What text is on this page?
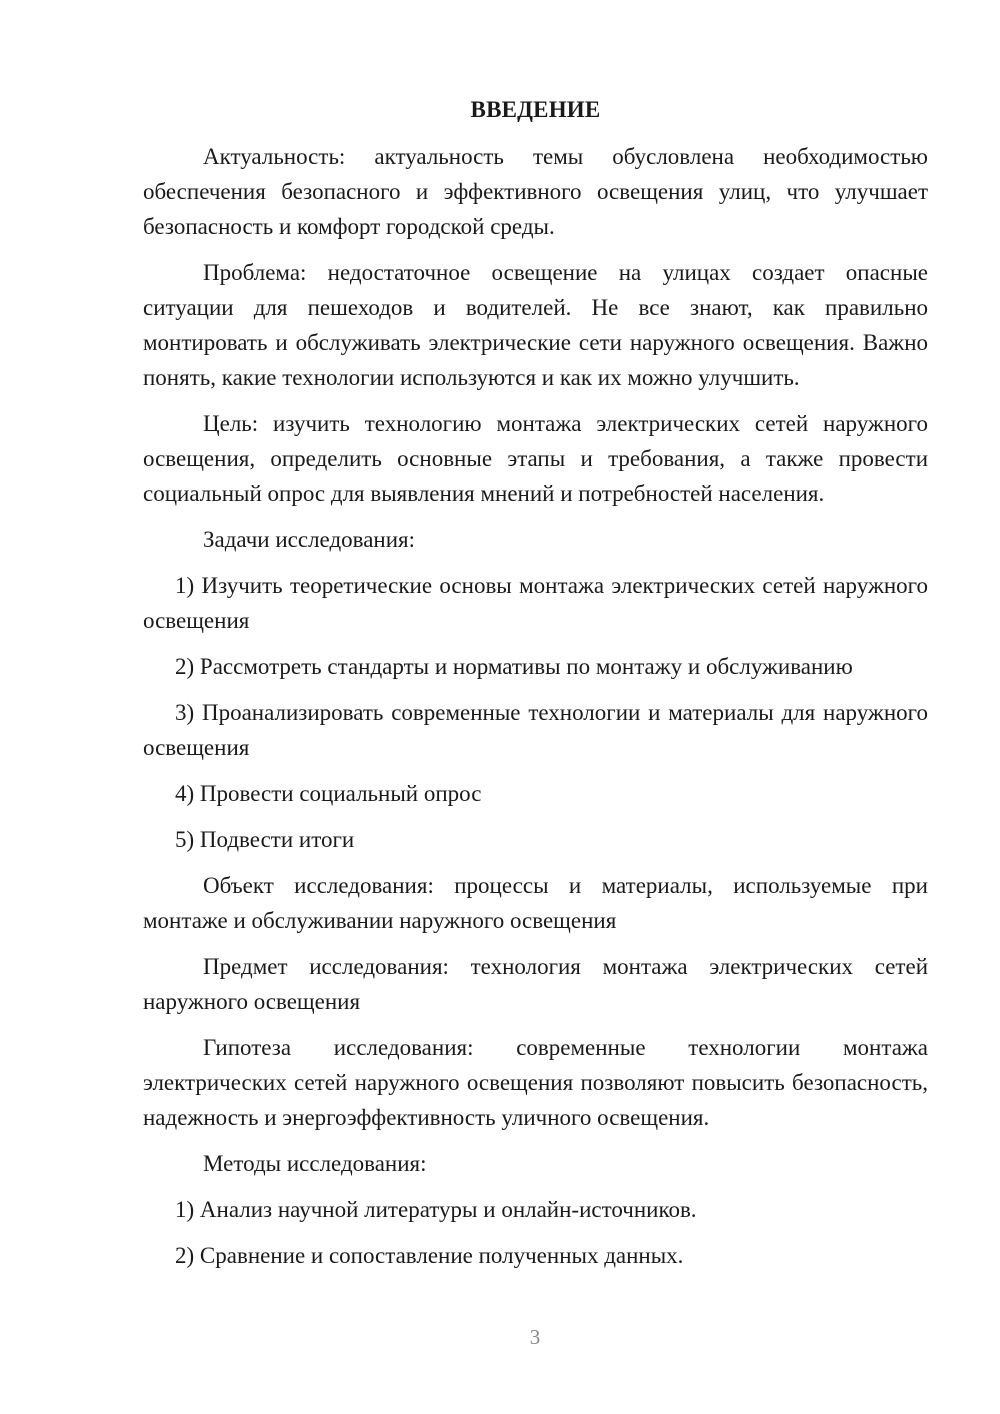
ВВЕДЕНИЕ

Актуальность: актуальность темы обусловлена необходимостью обеспечения безопасного и эффективного освещения улиц, что улучшает безопасность и комфорт городской среды.

Проблема: недостаточное освещение на улицах создает опасные ситуации для пешеходов и водителей. Не все знают, как правильно монтировать и обслуживать электрические сети наружного освещения. Важно понять, какие технологии используются и как их можно улучшить.

Цель: изучить технологию монтажа электрических сетей наружного освещения, определить основные этапы и требования, а также провести социальный опрос для выявления мнений и потребностей населения.

Задачи исследования:

1) Изучить теоретические основы монтажа электрических сетей наружного освещения

2) Рассмотреть стандарты и нормативы по монтажу и обслуживанию

3) Проанализировать современные технологии и материалы для наружного освещения

4) Провести социальный опрос

5) Подвести итоги

Объект исследования: процессы и материалы, используемые при монтаже и обслуживании наружного освещения

Предмет исследования: технология монтажа электрических сетей наружного освещения

Гипотеза исследования: современные технологии монтажа электрических сетей наружного освещения позволяют повысить безопасность, надежность и энергоэффективность уличного освещения.

Методы исследования:

1) Анализ научной литературы и онлайн-источников.

2) Сравнение и сопоставление полученных данных.

3
